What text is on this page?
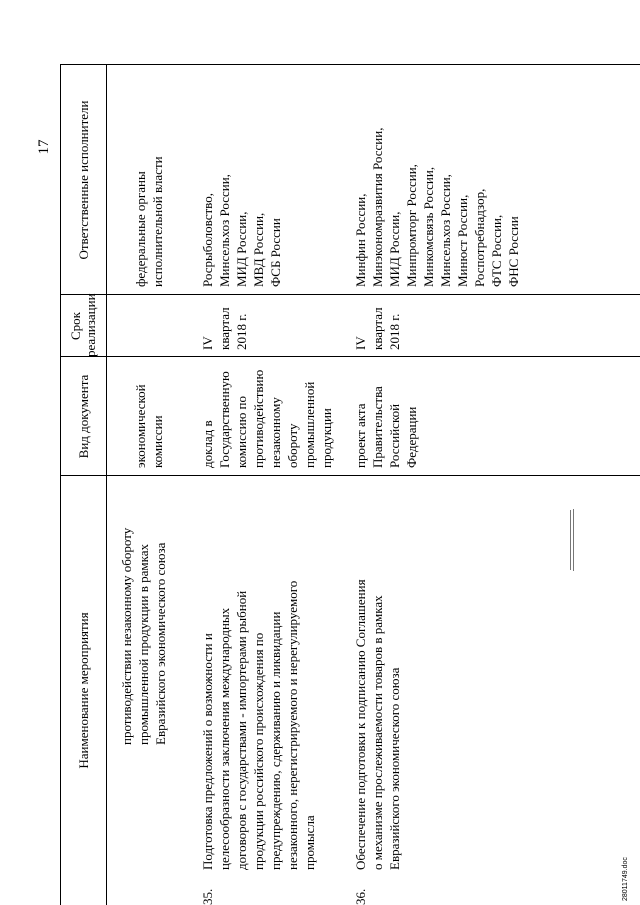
17
Наименование мероприятия
Вид документа
Срок
реализации
Ответственные исполнители
противодействии незаконному обороту
промышленной продукции в рамках
Евразийского экономического союза
экономической
комиссии
федеральные органы
исполнительной власти
35.
Подготовка предложений о возможности и
целесообразности заключения международных
договоров с государствами - импортерами рыбной
продукции российского происхождения по
предупреждению, сдерживанию и ликвидации
незаконного, нерегистрируемого и нерегулируемого
промысла
доклад в
Государственную
комиссию по
противодействию
незаконному
обороту
промышленной
продукции
IV квартал
2018 г.
Росрыболовство,
Минсельхоз России,
МИД России,
МВД России,
ФСБ России
36.
Обеспечение подготовки к подписанию Соглашения
о механизме прослеживаемости товаров в рамках
Евразийского экономического союза
проект акта
Правительства
Российской
Федерации
IV квартал
2018 г.
Минфин России,
Минэкономразвития России,
МИД России,
Минпромторг России,
Минкомсвязь России,
Минсельхоз России,
Минюст России,
Роспотребнадзор,
ФТС России,
ФНС России
28011749.doc
